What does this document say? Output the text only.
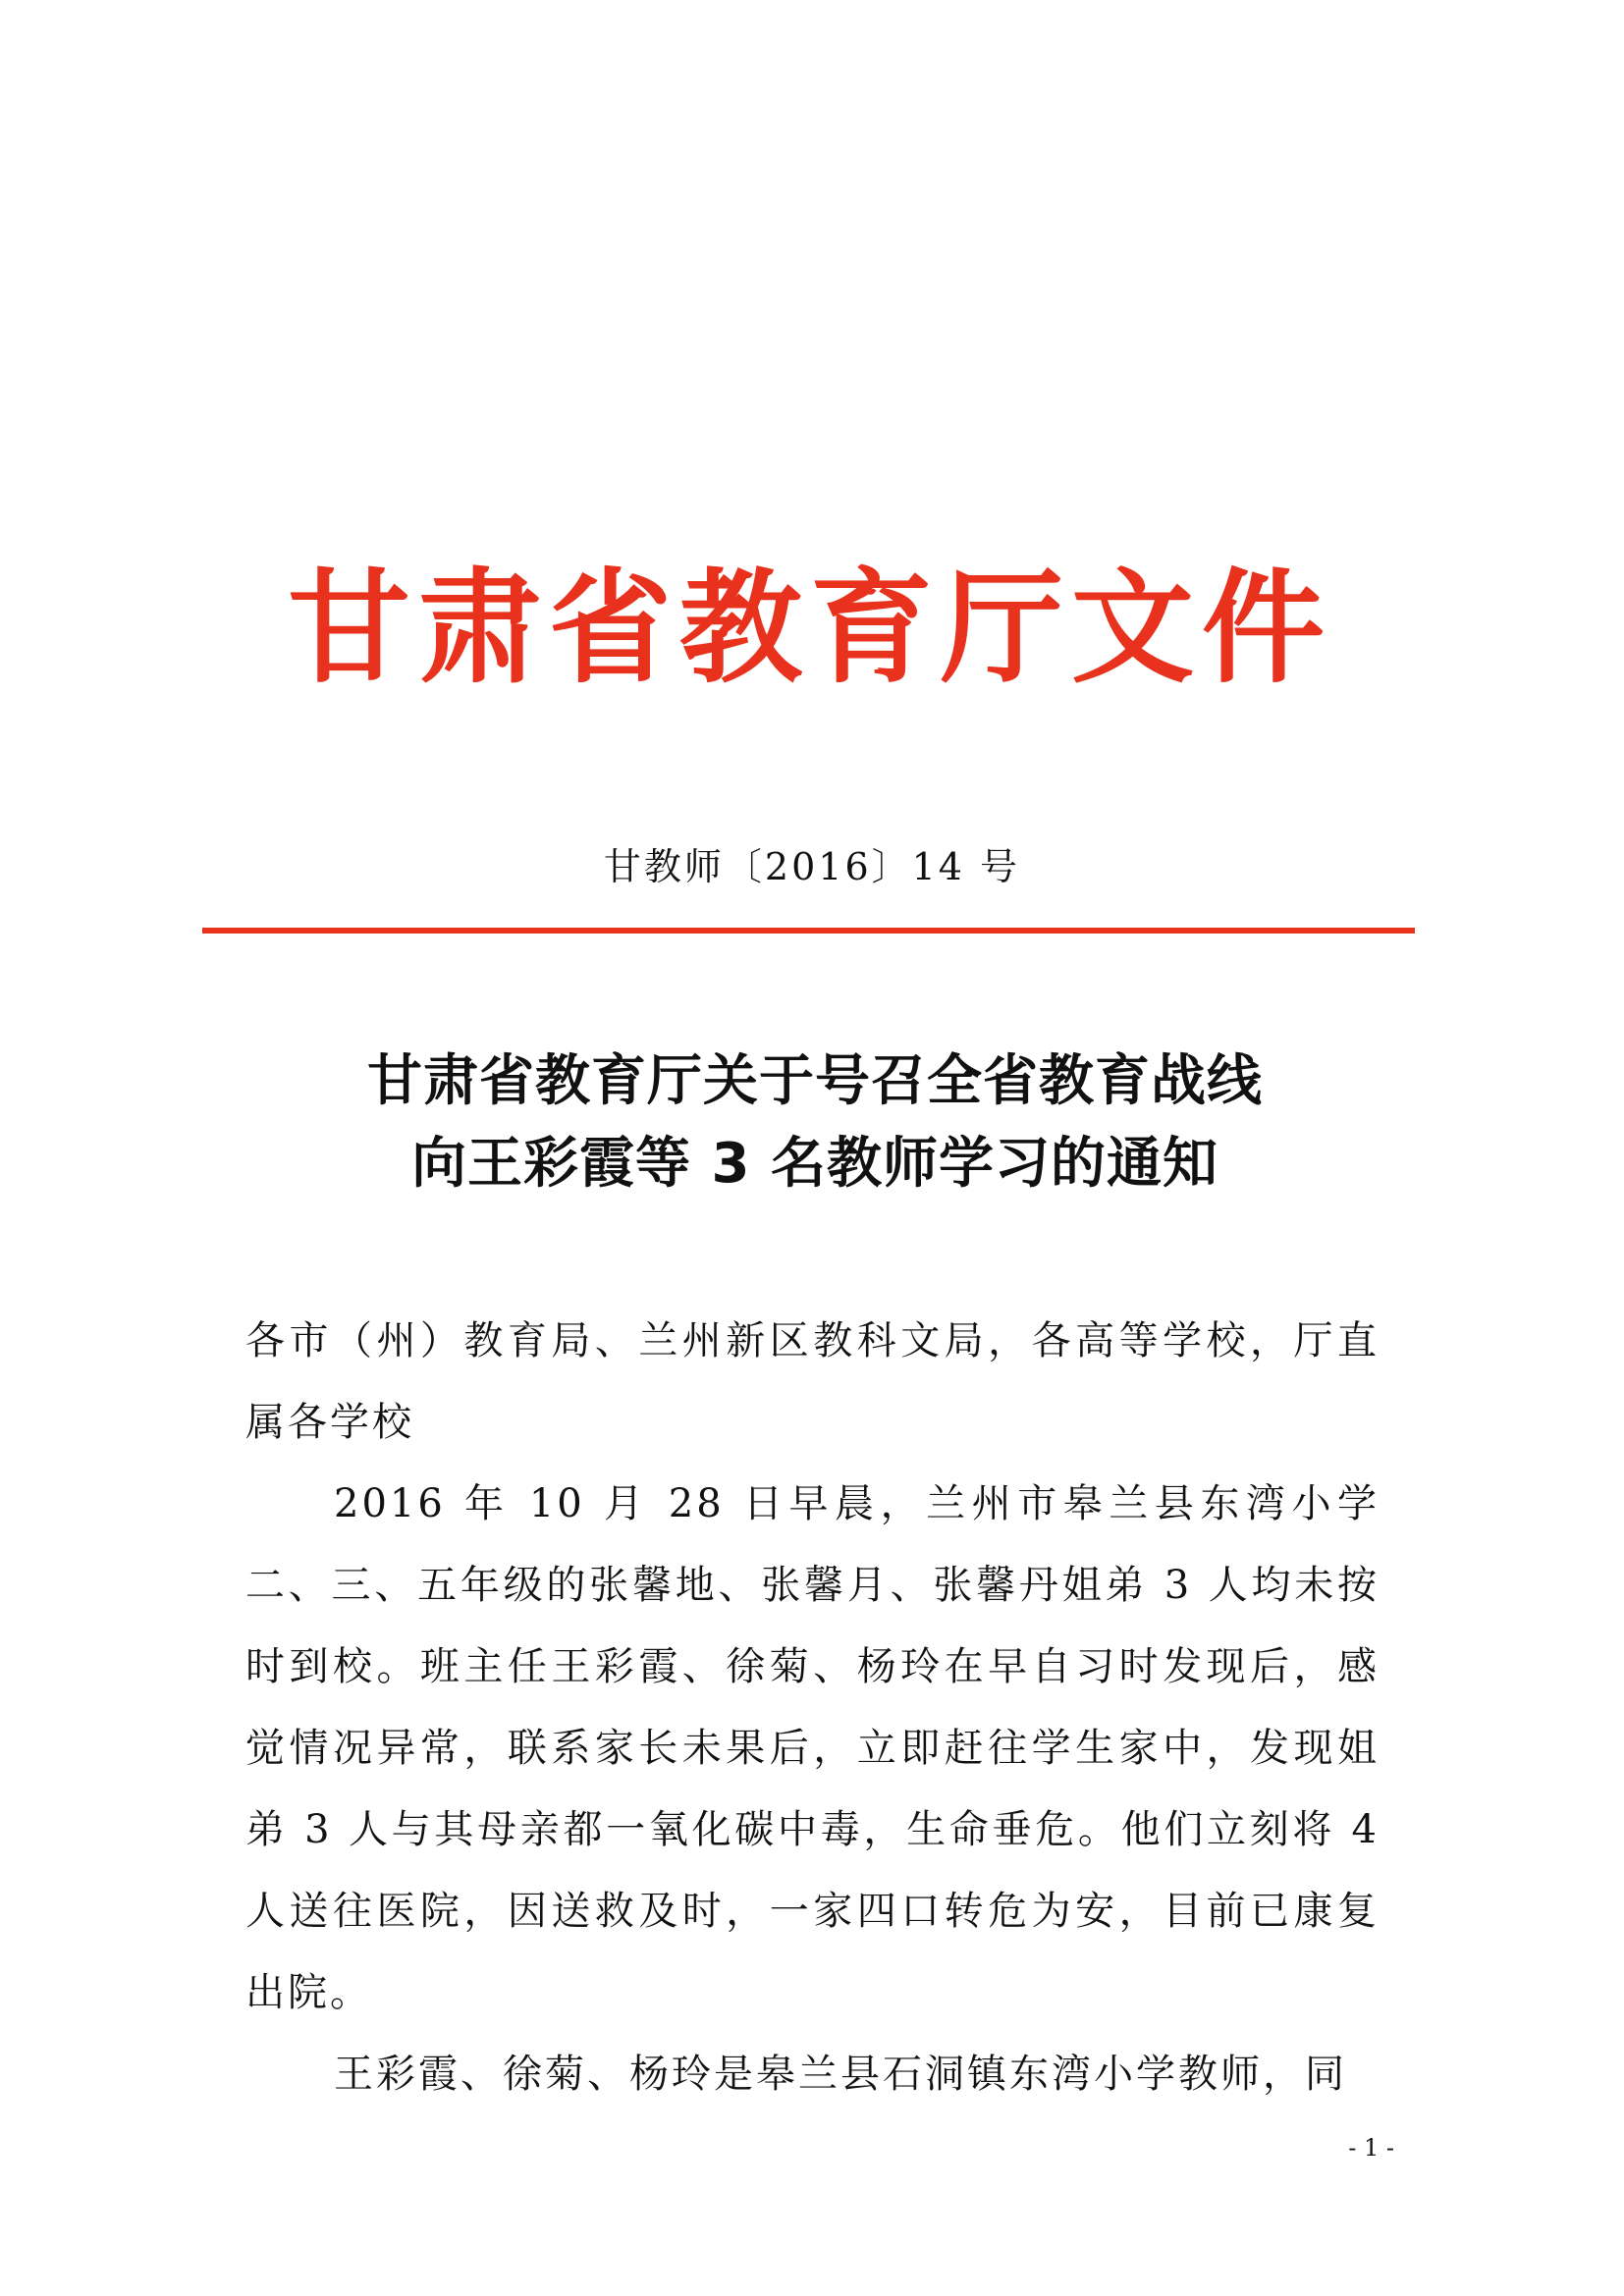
甘肃省教育厅文件
甘教师〔2016〕14 号
甘肃省教育厅关于号召全省教育战线
向王彩霞等 3 名教师学习的通知

各市（州）教育局、兰州新区教科文局，各高等学校，厅直属各学校

2016 年 10 月 28 日早晨，兰州市皋兰县东湾小学二、三、五年级的张馨地、张馨月、张馨丹姐弟 3 人均未按时到校。班主任王彩霞、徐菊、杨玲在早自习时发现后，感觉情况异常，联系家长未果后，立即赶往学生家中，发现姐弟 3 人与其母亲都一氧化碳中毒，生命垂危。他们立刻将 4 人送往医院，因送救及时，一家四口转危为安，目前已康复出院。

王彩霞、徐菊、杨玲是皋兰县石洞镇东湾小学教师，同

- 1 -
